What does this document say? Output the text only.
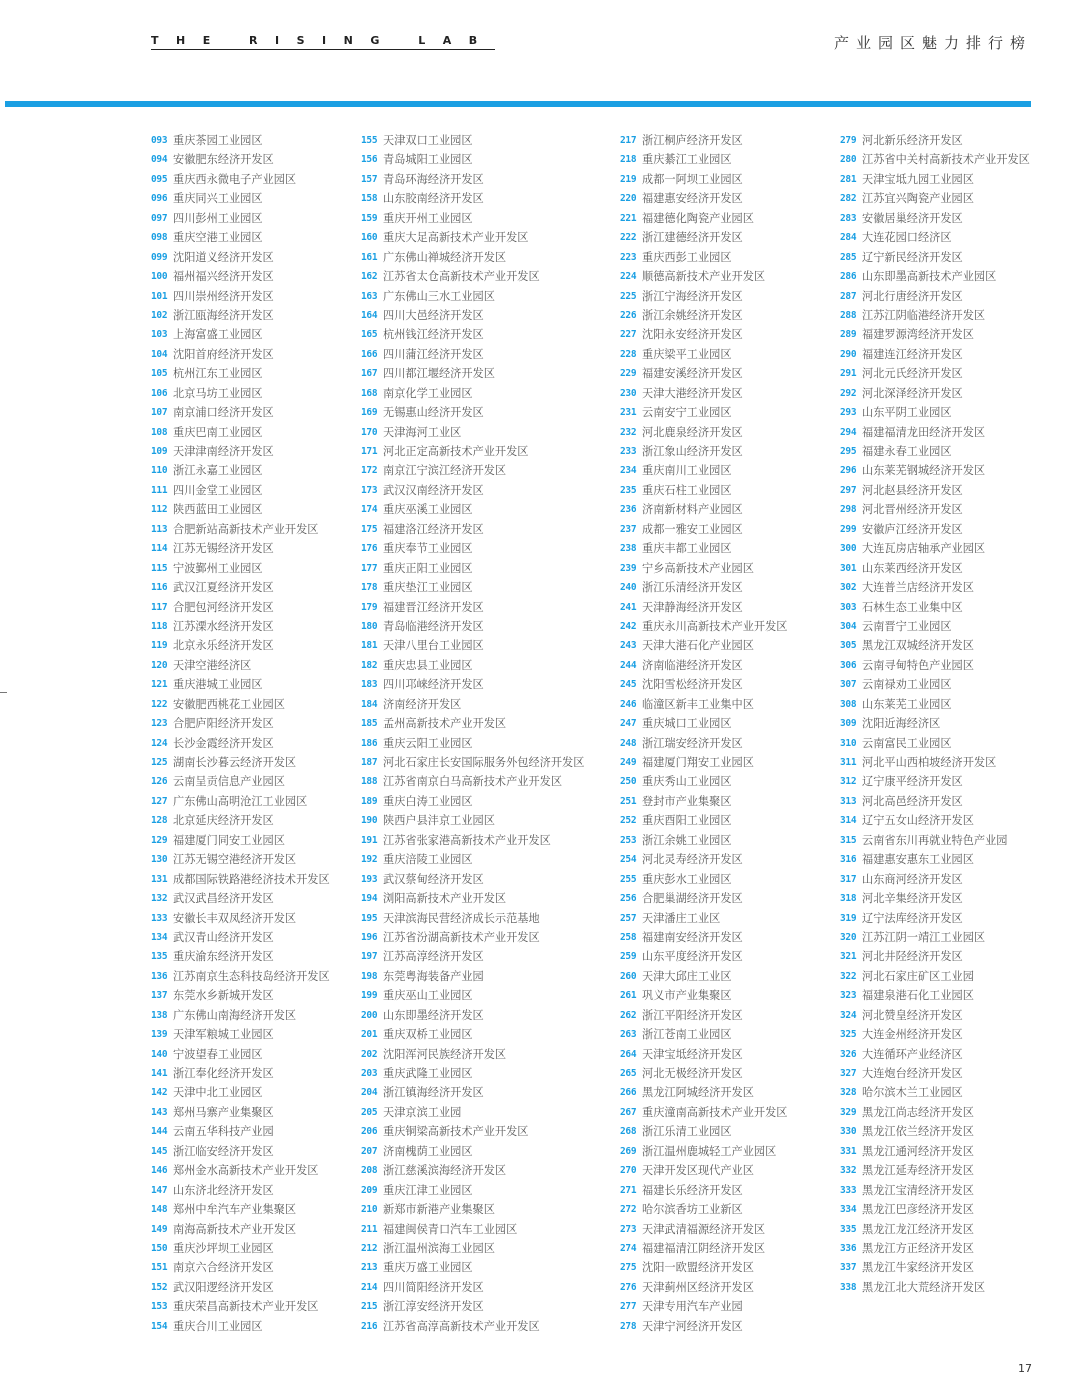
THE RISING LAB	产业园区魅力排行榜
093 重庆茶园工业园区
094 安徽肥东经济开发区
095 重庆西永微电子产业园区
096 重庆同兴工业园区
097 四川彭州工业园区
098 重庆空港工业园区
099 沈阳道义经济开发区
100 福州福兴经济开发区
101 四川崇州经济开发区
102 浙江瓯海经济开发区
103 上海富盛工业园区
104 沈阳首府经济开发区
105 杭州江东工业园区
106 北京马坊工业园区
107 南京浦口经济开发区
108 重庆巴南工业园区
109 天津津南经济开发区
110 浙江永嘉工业园区
111 四川金堂工业园区
112 陕西蓝田工业园区
113 合肥新站高新技术产业开发区
114 江苏无锡经济开发区
115 宁波鄞州工业园区
116 武汉江夏经济开发区
117 合肥包河经济开发区
118 江苏溧水经济开发区
119 北京永乐经济开发区
120 天津空港经济区
121 重庆港城工业园区
122 安徽肥西桃花工业园区
123 合肥庐阳经济开发区
124 长沙金霞经济开发区
125 湖南长沙暮云经济开发区
126 云南呈贡信息产业园区
127 广东佛山高明沧江工业园区
128 北京延庆经济开发区
129 福建厦门同安工业园区
130 江苏无锡空港经济开发区
131 成都国际铁路港经济技术开发区
132 武汉武昌经济开发区
133 安徽长丰双凤经济开发区
134 武汉青山经济开发区
135 重庆渝东经济开发区
136 江苏南京生态科技岛经济开发区
137 东莞水乡新城开发区
138 广东佛山南海经济开发区
139 天津军粮城工业园区
140 宁波望春工业园区
141 浙江奉化经济开发区
142 天津中北工业园区
143 郑州马寨产业集聚区
144 云南五华科技产业园
145 浙江临安经济开发区
146 郑州金水高新技术产业开发区
147 山东济北经济开发区
148 郑州中牟汽车产业集聚区
149 南海高新技术产业开发区
150 重庆沙坪坝工业园区
151 南京六合经济开发区
152 武汉阳逻经济开发区
153 重庆荣昌高新技术产业开发区
154 重庆合川工业园区
155 天津双口工业园区
156 青岛城阳工业园区
157 青岛环海经济开发区
158 山东胶南经济开发区
159 重庆开州工业园区
160 重庆大足高新技术产业开发区
161 广东佛山禅城经济开发区
162 江苏省太仓高新技术产业开发区
163 广东佛山三水工业园区
164 四川大邑经济开发区
165 杭州钱江经济开发区
166 四川蒲江经济开发区
167 四川都江堰经济开发区
168 南京化学工业园区
169 无锡惠山经济开发区
170 天津海河工业区
171 河北正定高新技术产业开发区
172 南京江宁滨江经济开发区
173 武汉汉南经济开发区
174 重庆巫溪工业园区
175 福建洛江经济开发区
176 重庆奉节工业园区
177 重庆正阳工业园区
178 重庆垫江工业园区
179 福建晋江经济开发区
180 青岛临港经济开发区
181 天津八里台工业园区
182 重庆忠县工业园区
183 四川邛崃经济开发区
184 济南经济开发区
185 孟州高新技术产业开发区
186 重庆云阳工业园区
187 河北石家庄长安国际服务外包经济开发区
188 江苏省南京白马高新技术产业开发区
189 重庆白涛工业园区
190 陕西户县沣京工业园区
191 江苏省张家港高新技术产业开发区
192 重庆涪陵工业园区
193 武汉蔡甸经济开发区
194 浏阳高新技术产业开发区
195 天津滨海民营经济成长示范基地
196 江苏省汾湖高新技术产业开发区
197 江苏高淳经济开发区
198 东莞粤海装备产业园
199 重庆巫山工业园区
200 山东即墨经济开发区
201 重庆双桥工业园区
202 沈阳浑河民族经济开发区
203 重庆武隆工业园区
204 浙江镇海经济开发区
205 天津京滨工业园
206 重庆铜梁高新技术产业开发区
207 济南槐荫工业园区
208 浙江慈溪滨海经济开发区
209 重庆江津工业园区
210 新郑市新港产业集聚区
211 福建闽侯青口汽车工业园区
212 浙江温州滨海工业园区
213 重庆万盛工业园区
214 四川简阳经济开发区
215 浙江淳安经济开发区
216 江苏省高淳高新技术产业开发区
217 浙江桐庐经济开发区
218 重庆綦江工业园区
219 成都一阿坝工业园区
220 福建惠安经济开发区
221 福建德化陶瓷产业园区
222 浙江建德经济开发区
223 重庆西彭工业园区
224 顺德高新技术产业开发区
225 浙江宁海经济开发区
226 浙江余姚经济开发区
227 沈阳永安经济开发区
228 重庆梁平工业园区
229 福建安溪经济开发区
230 天津大港经济开发区
231 云南安宁工业园区
232 河北鹿泉经济开发区
233 浙江象山经济开发区
234 重庆南川工业园区
235 重庆石柱工业园区
236 济南新材料产业园区
237 成都一雅安工业园区
238 重庆丰都工业园区
239 宁乡高新技术产业园区
240 浙江乐清经济开发区
241 天津静海经济开发区
242 重庆永川高新技术产业开发区
243 天津大港石化产业园区
244 济南临港经济开发区
245 沈阳雪松经济开发区
246 临潼区新丰工业集中区
247 重庆城口工业园区
248 浙江瑞安经济开发区
249 福建厦门翔安工业园区
250 重庆秀山工业园区
251 登封市产业集聚区
252 重庆酉阳工业园区
253 浙江余姚工业园区
254 河北灵寿经济开发区
255 重庆彭水工业园区
256 合肥巢湖经济开发区
257 天津潘庄工业区
258 福建南安经济开发区
259 山东平度经济开发区
260 天津大邱庄工业区
261 巩义市产业集聚区
262 浙江平阳经济开发区
263 浙江苍南工业园区
264 天津宝坻经济开发区
265 河北无极经济开发区
266 黑龙江阿城经济开发区
267 重庆潼南高新技术产业开发区
268 浙江乐清工业园区
269 浙江温州鹿城轻工产业园区
270 天津开发区现代产业区
271 福建长乐经济开发区
272 哈尔滨香坊工业新区
273 天津武清福源经济开发区
274 福建福清江阴经济开发区
275 沈阳一欧盟经济开发区
276 天津蓟州区经济开发区
277 天津专用汽车产业园
278 天津宁河经济开发区
279 河北新乐经济开发区
280 江苏省中关村高新技术产业开发区
281 天津宝坻九园工业园区
282 江苏宜兴陶瓷产业园区
283 安徽居巢经济开发区
284 大连花园口经济区
285 辽宁新民经济开发区
286 山东即墨高新技术产业园区
287 河北行唐经济开发区
288 江苏江阴临港经济开发区
289 福建罗源湾经济开发区
290 福建连江经济开发区
291 河北元氏经济开发区
292 河北深泽经济开发区
293 山东平阴工业园区
294 福建福清龙田经济开发区
295 福建永春工业园区
296 山东莱芜钢城经济开发区
297 河北赵县经济开发区
298 河北晋州经济开发区
299 安徽庐江经济开发区
300 大连瓦房店轴承产业园区
301 山东莱西经济开发区
302 大连普兰店经济开发区
303 石林生态工业集中区
304 云南晋宁工业园区
305 黑龙江双城经济开发区
306 云南寻甸特色产业园区
307 云南禄劝工业园区
308 山东莱芜工业园区
309 沈阳近海经济区
310 云南富民工业园区
311 河北平山西柏坡经济开发区
312 辽宁康平经济开发区
313 河北高邑经济开发区
314 辽宁五女山经济开发区
315 云南省东川再就业特色产业园
316 福建惠安惠东工业园区
317 山东商河经济开发区
318 河北辛集经济开发区
319 辽宁法库经济开发区
320 江苏江阴一靖江工业园区
321 河北井陉经济开发区
322 河北石家庄矿区工业园
323 福建泉港石化工业园区
324 河北赞皇经济开发区
325 大连金州经济开发区
326 大连循环产业经济区
327 大连炮台经济开发区
328 哈尔滨木兰工业园区
329 黑龙江尚志经济开发区
330 黑龙江依兰经济开发区
331 黑龙江通河经济开发区
332 黑龙江延寿经济开发区
333 黑龙江宝清经济开发区
334 黑龙江巴彦经济开发区
335 黑龙江龙江经济开发区
336 黑龙江方正经济开发区
337 黑龙江牛家经济开发区
338 黑龙江北大荒经济开发区
17
